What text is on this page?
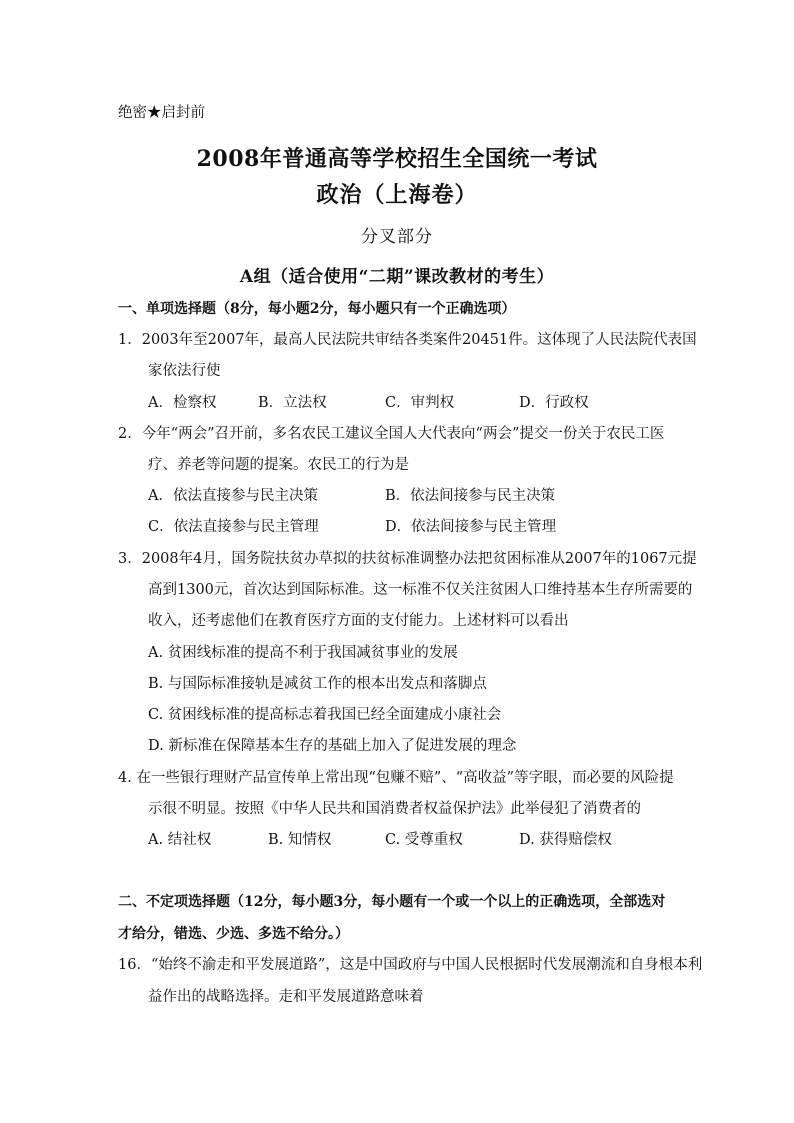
绝密★启封前
2008年普通高等学校招生全国统一考试
政治（上海卷）
分叉部分
A组（适合使用“二期”课改教材的考生）
一、单项选择题（8分，每小题2分，每小题只有一个正确选项）
1．2003年至2007年，最高人民法院共审结各类案件20451件。这体现了人民法院代表国
家依法行使
A．检察权	B．立法权	C．审判权	D．行政权
2．今年“两会”召开前，多名农民工建议全国人大代表向“两会”提交一份关于农民工医
疗、养老等问题的提案。农民工的行为是
A．依法直接参与民主决策	B．依法间接参与民主决策
C．依法直接参与民主管理	D．依法间接参与民主管理
3．2008年4月，国务院扶贫办草拟的扶贫标准调整办法把贫困标准从2007年的1067元提
高到1300元，首次达到国际标准。这一标准不仅关注贫困人口维持基本生存所需要的
收入，还考虑他们在教育医疗方面的支付能力。上述材料可以看出
A. 贫困线标准的提高不利于我国减贫事业的发展
B. 与国际标准接轨是减贫工作的根本出发点和落脚点
C. 贫困线标准的提高标志着我国已经全面建成小康社会
D. 新标准在保障基本生存的基础上加入了促进发展的理念
4. 在一些银行理财产品宣传单上常出现“包赚不赔”、“高收益”等字眼，而必要的风险提
示很不明显。按照《中华人民共和国消费者权益保护法》此举侵犯了消费者的
A. 结社权	B. 知情权	C. 受尊重权	D. 获得赔偿权
二、不定项选择题（12分，每小题3分，每小题有一个或一个以上的正确选项，全部选对
才给分，错选、少选、多选不给分。）
16．“始终不渝走和平发展道路”，这是中国政府与中国人民根据时代发展潮流和自身根本利
益作出的战略选择。走和平发展道路意味着
